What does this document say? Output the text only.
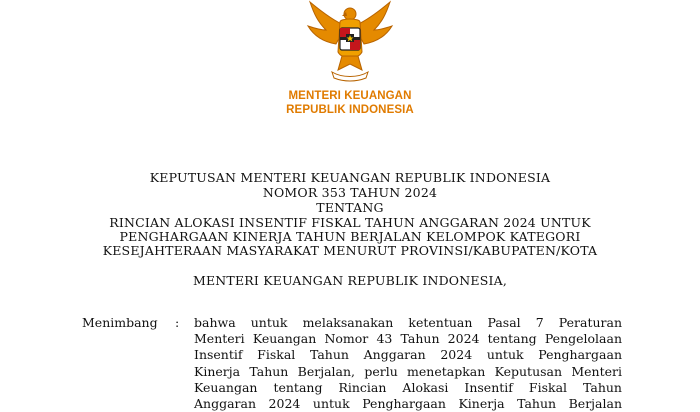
MENTERI KEUANGAN
REPUBLIK INDONESIA
KEPUTUSAN MENTERI KEUANGAN REPUBLIK INDONESIA
NOMOR 353 TAHUN 2024
TENTANG
RINCIAN ALOKASI INSENTIF FISKAL TAHUN ANGGARAN 2024 UNTUK
PENGHARGAAN KINERJA TAHUN BERJALAN KELOMPOK KATEGORI
KESEJAHTERAAN MASYARAKAT MENURUT PROVINSI/KABUPATEN/KOTA
MENTERI KEUANGAN REPUBLIK INDONESIA,
Menimbang : bahwa untuk melaksanakan ketentuan Pasal 7 Peraturan
Menteri Keuangan Nomor 43 Tahun 2024 tentang Pengelolaan
Insentif Fiskal Tahun Anggaran 2024 untuk Penghargaan
Kinerja Tahun Berjalan, perlu menetapkan Keputusan Menteri
Keuangan tentang Rincian Alokasi Insentif Fiskal Tahun
Anggaran 2024 untuk Penghargaan Kinerja Tahun Berjalan
